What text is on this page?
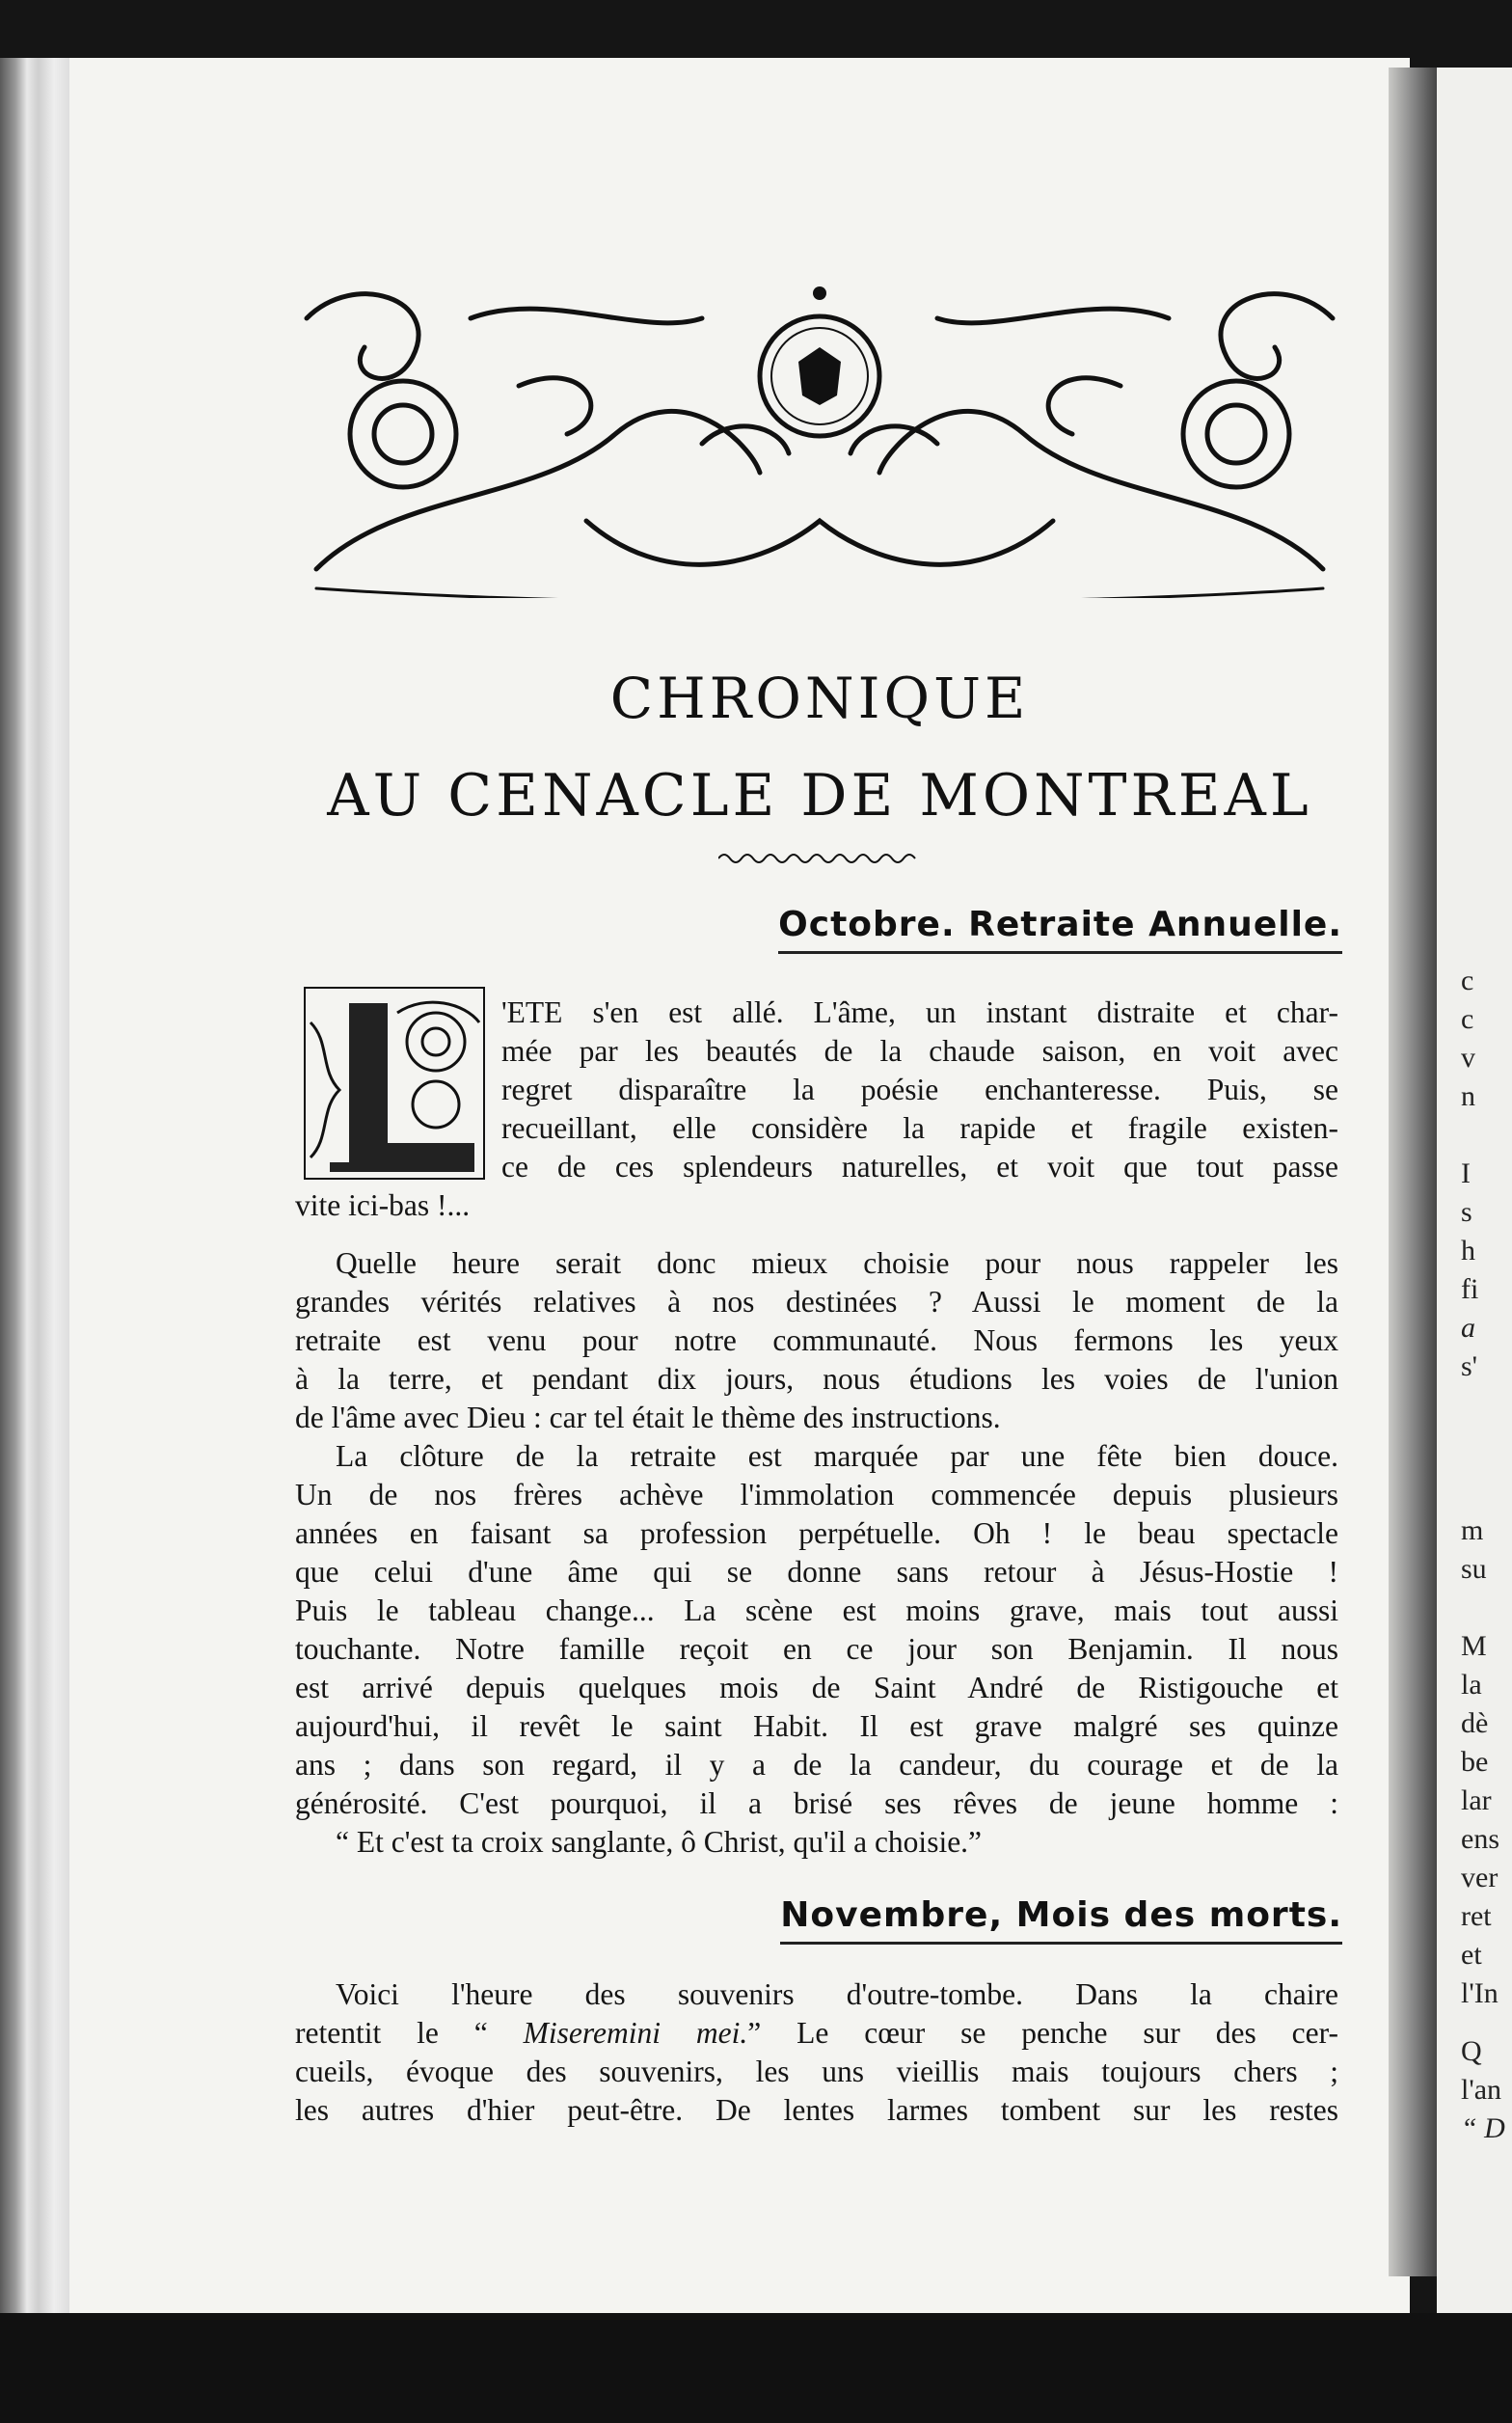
CHRONIQUE
AU CENACLE DE MONTREAL
Octobre. Retraite Annuelle.
'ETE s'en est allé. L'âme, un instant distraite et char-
mée par les beautés de la chaude saison, en voit avec
regret disparaître la poésie enchanteresse. Puis, se
recueillant, elle considère la rapide et fragile existen-
ce de ces splendeurs naturelles, et voit que tout passe
vite ici-bas !...
Quelle heure serait donc mieux choisie pour nous rappeler les
grandes vérités relatives à nos destinées ? Aussi le moment de la
retraite est venu pour notre communauté. Nous fermons les yeux
à la terre, et pendant dix jours, nous étudions les voies de l'union
de l'âme avec Dieu : car tel était le thème des instructions.
La clôture de la retraite est marquée par une fête bien douce.
Un de nos frères achève l'immolation commencée depuis plusieurs
années en faisant sa profession perpétuelle. Oh ! le beau spectacle
que celui d'une âme qui se donne sans retour à Jésus-Hostie !
Puis le tableau change... La scène est moins grave, mais tout aussi
touchante. Notre famille reçoit en ce jour son Benjamin. Il nous
est arrivé depuis quelques mois de Saint André de Ristigouche et
aujourd'hui, il revêt le saint Habit. Il est grave malgré ses quinze
ans ; dans son regard, il y a de la candeur, du courage et de la
générosité. C'est pourquoi, il a brisé ses rêves de jeune homme :
“ Et c'est ta croix sanglante, ô Christ, qu'il a choisie.”
Novembre, Mois des morts.
Voici l'heure des souvenirs d'outre-tombe. Dans la chaire
retentit le “ Miseremini mei.” Le cœur se penche sur des cer-
cueils, évoque des souvenirs, les uns vieillis mais toujours chers ;
les autres d'hier peut-être. De lentes larmes tombent sur les restes
c
c
v
n
I
s
h
fi
a
s'
m
su
M
la
dè
be
lar
ens
ver
ret
et
l'In
Q
l'an
“ D
